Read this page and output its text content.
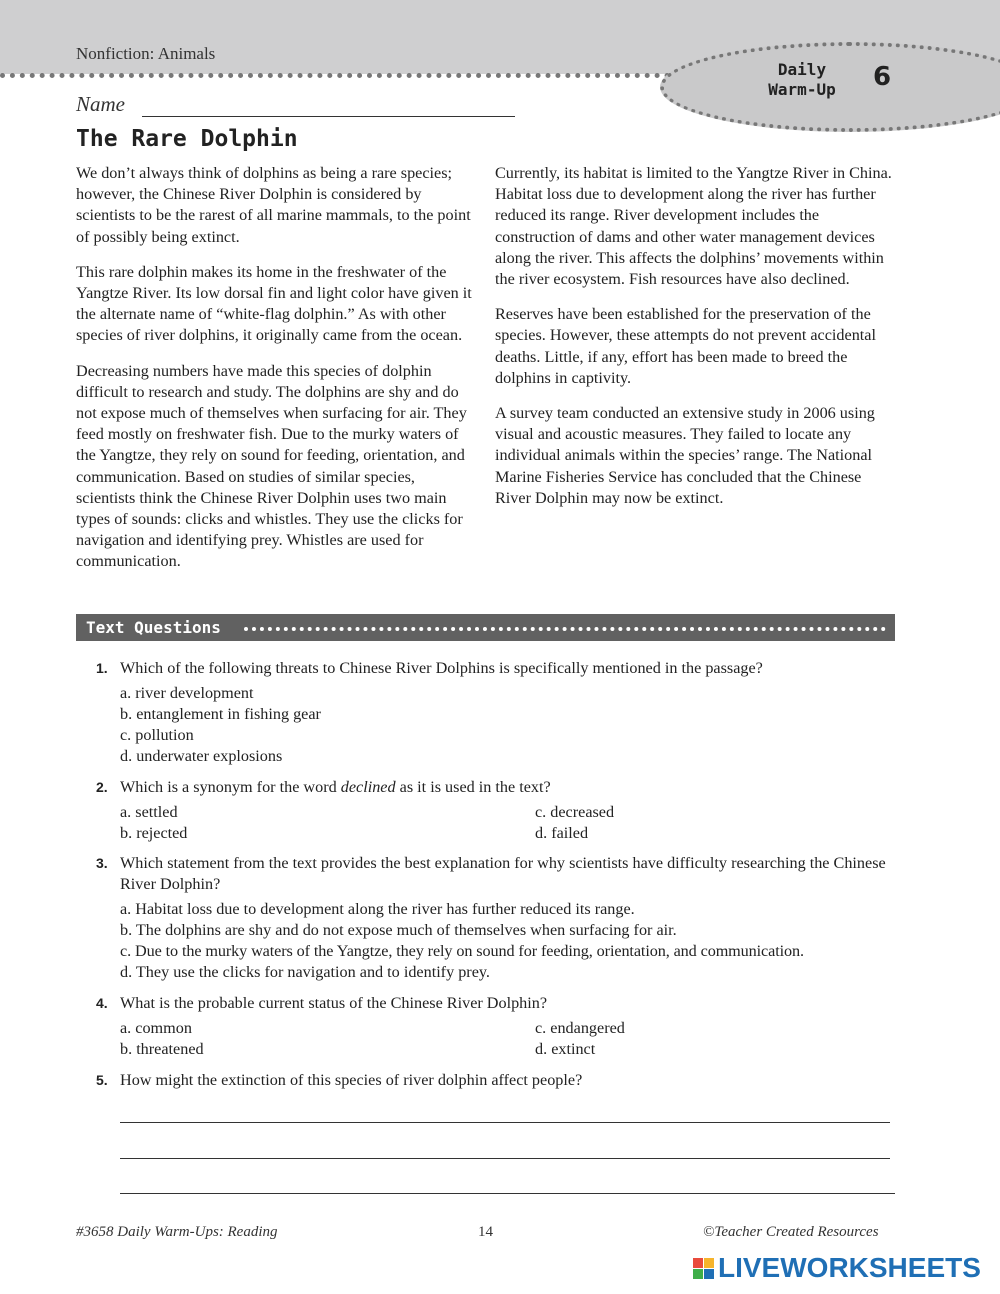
Nonfiction: Animals
Daily
Warm-Up	6
Name
The Rare Dolphin

We don’t always think of dolphins as being a rare species; however, the Chinese River Dolphin is considered by scientists to be the rarest of all marine mammals, to the point of possibly being extinct.

This rare dolphin makes its home in the freshwater of the Yangtze River. Its low dorsal fin and light color have given it the alternate name of “white-flag dolphin.” As with other species of river dolphins, it originally came from the ocean.

Decreasing numbers have made this species of dolphin difficult to research and study. The dolphins are shy and do not expose much of themselves when surfacing for air. They feed mostly on freshwater fish. Due to the murky waters of the Yangtze, they rely on sound for feeding, orientation, and communication. Based on studies of similar species, scientists think the Chinese River Dolphin uses two main types of sounds: clicks and whistles. They use the clicks for navigation and identifying prey. Whistles are used for communication.

Currently, its habitat is limited to the Yangtze River in China. Habitat loss due to development along the river has further reduced its range. River development includes the construction of dams and other water management devices along the river. This affects the dolphins’ movements within the river ecosystem. Fish resources have also declined.

Reserves have been established for the preservation of the species. However, these attempts do not prevent accidental deaths. Little, if any, effort has been made to breed the dolphins in captivity.

A survey team conducted an extensive study in 2006 using visual and acoustic measures. They failed to locate any individual animals within the species’ range. The National Marine Fisheries Service has concluded that the Chinese River Dolphin may now be extinct.

Text Questions
1. Which of the following threats to Chinese River Dolphins is specifically mentioned in the passage?
a. river development
b. entanglement in fishing gear
c. pollution
d. underwater explosions
2. Which is a synonym for the word declined as it is used in the text?
a. settled
b. rejected
c. decreased
d. failed
3. Which statement from the text provides the best explanation for why scientists have difficulty researching the Chinese River Dolphin?
a. Habitat loss due to development along the river has further reduced its range.
b. The dolphins are shy and do not expose much of themselves when surfacing for air.
c. Due to the murky waters of the Yangtze, they rely on sound for feeding, orientation, and communication.
d. They use the clicks for navigation and to identify prey.
4. What is the probable current status of the Chinese River Dolphin?
a. common
b. threatened
c. endangered
d. extinct
5. How might the extinction of this species of river dolphin affect people?
#3658 Daily Warm-Ups: Reading	14	©Teacher Created Resources
LIVEWORKSHEETS
